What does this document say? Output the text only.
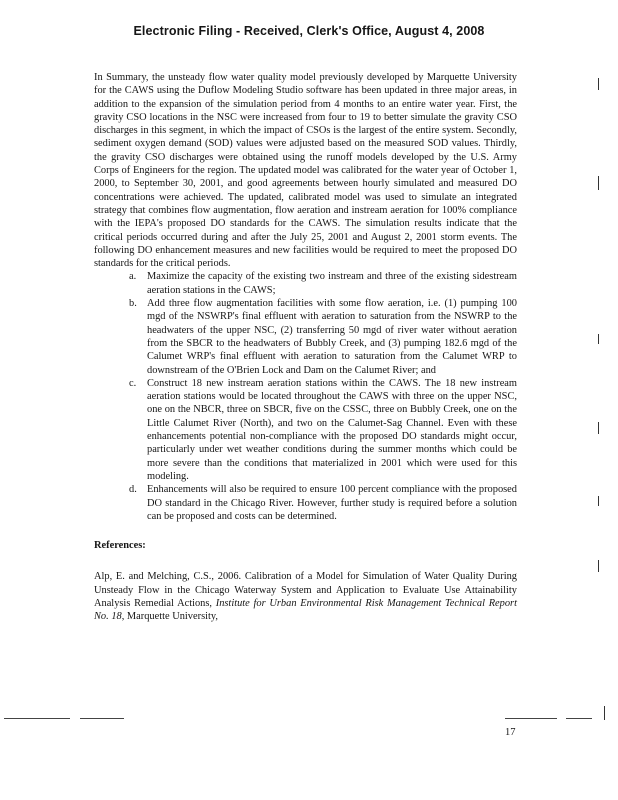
Electronic Filing - Received, Clerk's Office, August 4, 2008

In Summary, the unsteady flow water quality model previously developed by Marquette University for the CAWS using the Duflow Modeling Studio software has been updated in three major areas, in addition to the expansion of the simulation period from 4 months to an entire water year. First, the gravity CSO locations in the NSC were increased from four to 19 to better simulate the gravity CSO discharges in this segment, in which the impact of CSOs is the largest of the entire system. Secondly, sediment oxygen demand (SOD) values were adjusted based on the measured SOD values. Thirdly, the gravity CSO discharges were obtained using the runoff models developed by the U.S. Army Corps of Engineers for the region. The updated model was calibrated for the water year of October 1, 2000, to September 30, 2001, and good agreements between hourly simulated and measured DO concentrations were achieved. The updated, calibrated model was used to simulate an integrated strategy that combines flow augmentation, flow aeration and instream aeration for 100% compliance with the IEPA's proposed DO standards for the CAWS. The simulation results indicate that the critical periods occurred during and after the July 25, 2001 and August 2, 2001 storm events. The following DO enhancement measures and new facilities would be required to meet the proposed DO standards for the critical periods.

a. Maximize the capacity of the existing two instream and three of the existing sidestream aeration stations in the CAWS;
b. Add three flow augmentation facilities with some flow aeration, i.e. (1) pumping 100 mgd of the NSWRP's final effluent with aeration to saturation from the NSWRP to the headwaters of the upper NSC, (2) transferring 50 mgd of river water without aeration from the SBCR to the headwaters of Bubbly Creek, and (3) pumping 182.6 mgd of the Calumet WRP's final effluent with aeration to saturation from the Calumet WRP to downstream of the O'Brien Lock and Dam on the Calumet River; and
c. Construct 18 new instream aeration stations within the CAWS. The 18 new instream aeration stations would be located throughout the CAWS with three on the upper NSC, one on the NBCR, three on SBCR, five on the CSSC, three on Bubbly Creek, one on the Little Calumet River (North), and two on the Calumet-Sag Channel. Even with these enhancements potential non-compliance with the proposed DO standards might occur, particularly under wet weather conditions during the summer months which could be more severe than the conditions that materialized in 2001 which were used for this modeling.
d. Enhancements will also be required to ensure 100 percent compliance with the proposed DO standard in the Chicago River. However, further study is required before a solution can be proposed and costs can be determined.

References:

Alp, E. and Melching, C.S., 2006. Calibration of a Model for Simulation of Water Quality During Unsteady Flow in the Chicago Waterway System and Application to Evaluate Use Attainability Analysis Remedial Actions, Institute for Urban Environmental Risk Management Technical Report No. 18, Marquette University,

17
